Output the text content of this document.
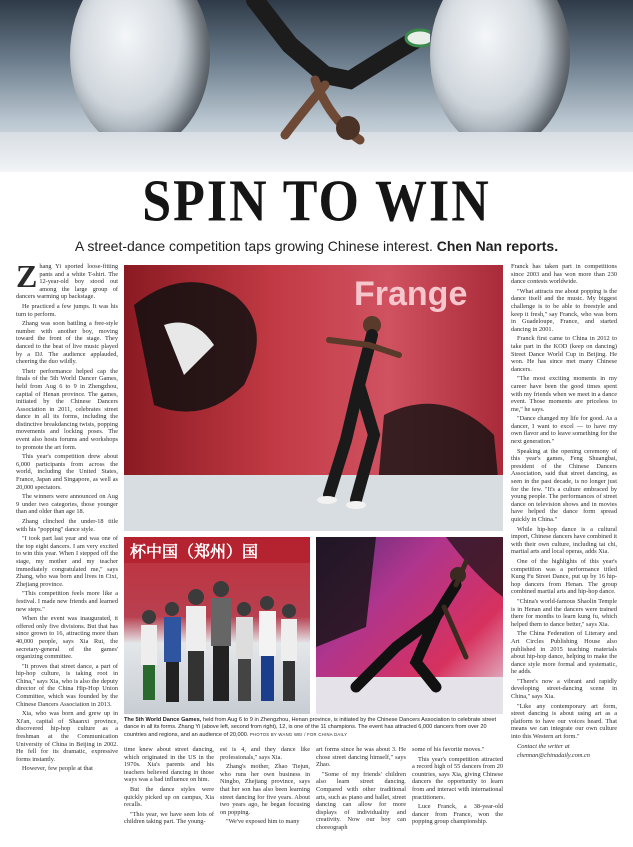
SPIN TO WIN
A street-dance competition taps growing Chinese interest. Chen Nan reports.

Zhang Yi sported loose-fitting pants and a white T-shirt. The 12-year-old boy stood out among the large group of dancers warming up backstage.

He practiced a few jumps. It was his turn to perform.

Zhang was soon battling a free-style number with another boy, moving toward the front of the stage. They danced to the beat of live music played by a DJ. The audience applauded, cheering the duo wildly.

Their performance helped cap the finals of the 5th World Dancer Games, held from Aug 6 to 9 in Zhengzhou, capital of Henan province. The games, initiated by the Chinese Dancers Association in 2011, celebrates street dance in all its forms, including the distinctive breakdancing twists, popping movements and locking poses. The event also hosts forums and workshops to promote the art form.

This year's competition drew about 6,000 participants from across the world, including the United States, France, Japan and Singapore, as well as 20,000 spectators.

The winners were announced on Aug 9 under two categories, those younger than and older than age 18.

Zhang clinched the under-18 title with his "popping" dance style.

"I took part last year and was one of the top eight dancers. I am very excited to win this year. When I stepped off the stage, my mother and my teacher immediately congratulated me," says Zhang, who was born and lives in Cixi, Zhejiang province.

"This competition feels more like a festival. I made new friends and learned new steps."

When the event was inaugurated, it offered only five divisions. But that has since grown to 16, attracting more than 40,000 people, says Xia Rui, the secretary-general of the games' organizing committee.

"It proves that street dance, a part of hip-hop culture, is taking root in China," says Xia, who is also the deputy director of the China Hip-Hop Union Committee, which was founded by the Chinese Dancers Association in 2013.

Xia, who was born and grew up in Xi'an, capital of Shaanxi province, discovered hip-hop culture as a freshman at the Communication University of China in Beijing in 2002. He fell for its dramatic, expressive forms instantly.

However, few people at that

Frange
杯中国（郑州）国
The 5th World Dance Games, held from Aug 6 to 9 in Zhengzhou, Henan province, is initiated by the Chinese Dancers Association to celebrate street dance in all its forms. Zhang Yi (above left, second from right), 12, is one of the 11 champions. The event has attracted 6,000 dancers from over 20 countries and regions, and an audience of 20,000. PHOTOS BY WANG WEI / FOR CHINA DAILY

time knew about street dancing, which originated in the US in the 1970s. Xia's parents and his teachers believed dancing in those ways was a bad influence on him.

But the dance styles were quickly picked up on campus, Xia recalls.

"This year, we have seen lots of children taking part. The young-

est is 4, and they dance like professionals," says Xia.

Zhang's mother, Zhao Tiejun, who runs her own business in Ningbo, Zhejiang province, says that her son has also been learning street dancing for five years. About two years ago, he began focusing on popping.

"We've exposed him to many

art forms since he was about 3. He chose street dancing himself," says Zhao.

"Some of my friends' children also learn street dancing. Compared with other traditional arts, such as piano and ballet, street dancing can allow for more displays of individuality and creativity. Now our boy can choreograph

some of his favorite moves."

This year's competition attracted a record high of 55 dancers from 20 countries, says Xia, giving Chinese dancers the opportunity to learn from and interact with international practitioners.

Luce Franck, a 38-year-old dancer from France, won the popping group championship.

Franck has taken part in competitions since 2003 and has won more than 230 dance contests worldwide.

"What attracts me about popping is the dance itself and the music. My biggest challenge is to be able to freestyle and keep it fresh," say Franck, who was born in Guadeloupe, France, and started dancing in 2001.

Franck first came to China in 2012 to take part in the KOD (keep on dancing) Street Dance World Cup in Beijing. He won. He has since met many Chinese dancers.

"The most exciting moments in my career have been the good times spent with my friends when we meet in a dance event. Those moments are priceless to me," he says.

"Dance changed my life for good. As a dancer, I want to excel — to have my own flavor and to leave something for the next generation."

Speaking at the opening ceremony of this year's games, Feng Shuangbai, president of the Chinese Dancers Association, said that street dancing, as seen in the past decade, is no longer just for the few. "It's a culture embraced by young people. The performances of street dance on television shows and in movies have helped the dance form spread quickly in China."

While hip-hop dance is a cultural import, Chinese dancers have combined it with their own culture, including tai chi, martial arts and local operas, adds Xia.

One of the highlights of this year's competition was a performance titled Kung Fu Street Dance, put up by 16 hip-hop dancers from Henan. The group combined martial arts and hip-hop dance.

"China's world-famous Shaolin Temple is in Henan and the dancers were trained there for months to learn kung fu, which helped them to dance better," says Xia.

The China Federation of Literary and Art Circles Publishing House also published in 2015 teaching materials about hip-hop dance, helping to make the dance style more formal and systematic, he adds.

"There's now a vibrant and rapidly developing street-dancing scene in China," says Xia.

"Like any contemporary art form, street dancing is about using art as a platform to have our voices heard. That means we can integrate our own culture into this Western art form."

Contact the writer at

chennan@chinadaily.com.cn
